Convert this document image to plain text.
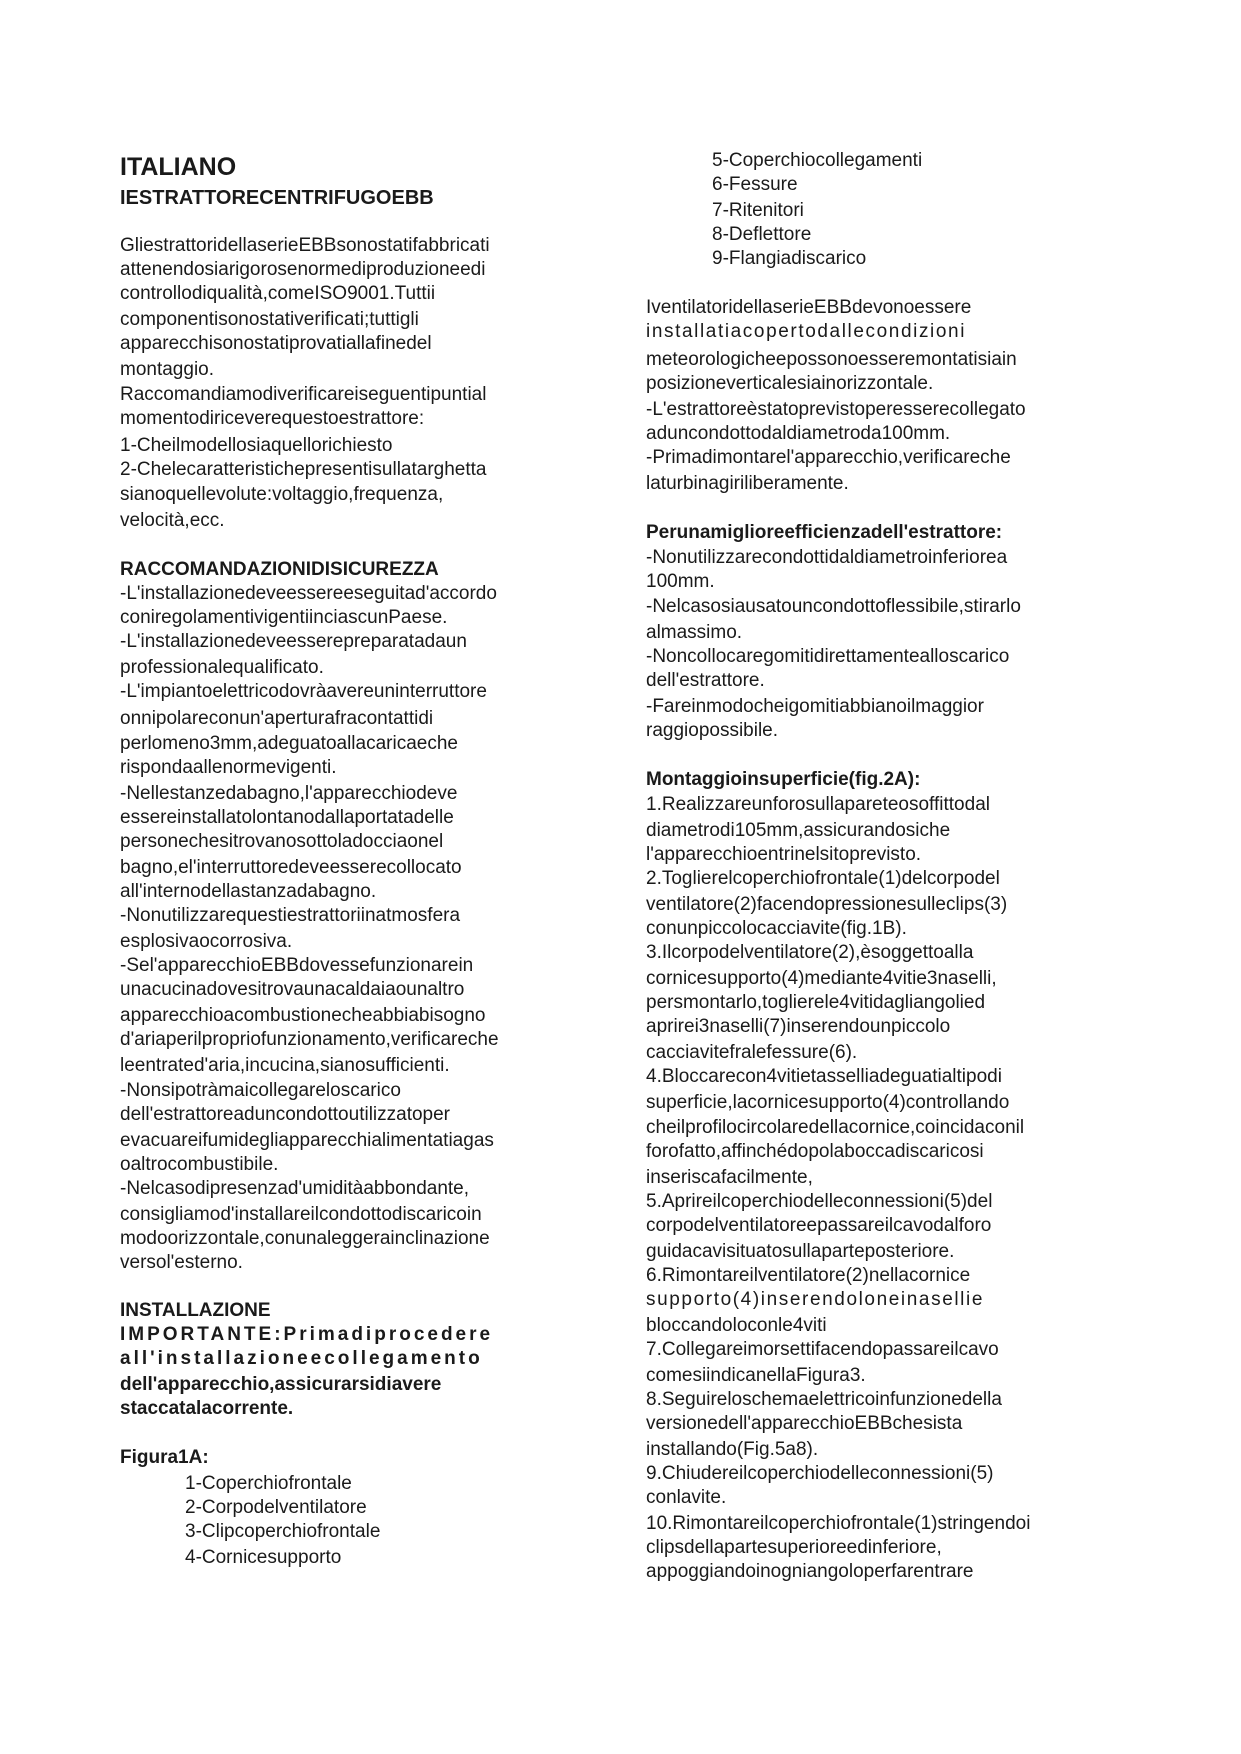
ITALIANO
IESTRATTORECENTRIFUGOEBB
GliestrattoridellaserieEBBsonostatifabbricati
attenendosiarigorosenormediproduzioneedi
controllodiqualità,comeISO9001.Tuttii
componentisonostativerificati;tuttigli
apparecchisonostatiprovatiallafinedel
montaggio.
Raccomandiamodiverificareiseguentipuntial
momentodiriceverequestoestrattore:
1-Cheilmodellosiaquellorichiesto
2-Chelecaratteristichepresentisullatarghetta
sianoquellevolute:voltaggio,frequenza,
velocità,ecc.
RACCOMANDAZIONIDISICUREZZA
-L'installazionedeveessereeseguitad'accordo
coniregolamentivigentiinciascunPaese.
-L'installazionedeveesserepreparatadaun
professionalequalificato.
-L'impiantoelettricodovràavereuninterruttore
onnipolareconun'aperturafracontattidi
perlomeno3mm,adeguatoallacaricaeche
rispondaallenormevigenti.
-Nellestanzedabagno,l'apparecchiodeve
essereinstallatolontanodallaportatadelle
personechesitrovanosottoladocciaonel
bagno,el'interruttoredeveesserecollocato
all'internodellastanzadabagno.
-Nonutilizzarequestiestrattoriinatmosfera
esplosivaocorrosiva.
-Sel'apparecchioEBBdovessefunzionarein
unacucinadovesitrovaunacaldaiaounaltro
apparecchioacombustionecheabbiabisogno
d'ariaperilpropriofunzionamento,verificareche
leentrated'aria,incucina,sianosufficienti.
-Nonsipotràmaicollegareloscarico
dell'estrattoreaduncondottoutilizzatoper
evacuareifumidegliapparecchialimentatiagas
oaltrocombustibile.
-Nelcasodipresenzad'umiditàabbondante,
consigliamod'installareilcondottodiscaricoin
modoorizzontale,conunaleggerainclinazione
versol'esterno.
INSTALLAZIONE
IMPORTANTE:Primadiprocedere
all'installazioneecollegamento
dell'apparecchio,assicurarsidiavere
staccatalacorrente.
Figura1A:
1-Coperchiofrontale
2-Corpodelventilatore
3-Clipcoperchiofrontale
4-Cornicesupporto
5-Coperchiocollegamenti
6-Fessure
7-Ritenitori
8-Deflettore
9-Flangiadiscarico
IventilatoridellaserieEBBdevonoessere
installatiacopertodallecondizioni
meteorologicheepossonoesseremontatisiain
posizioneverticalesiainorizzontale.
-L'estrattoreèstatoprevistoperesserecollegato
aduncondottodaldiametroda100mm.
-Primadimontarel'apparecchio,verificareche
laturbinagiriliberamente.
Perunamiglioreefficienzadell'estrattore:
-Nonutilizzarecondottidaldiametroinferiorea
100mm.
-Nelcasosiausatouncondottoflessibile,stirarlo
almassimo.
-Noncollocaregomitidirettamentealloscarico
dell'estrattore.
-Fareinmodocheigomitiabbianoilmaggior
raggiopossibile.
Montaggioinsuperficie(fig.2A):
1.Realizzareunforosullapareteosoffittodal
diametrodi105mm,assicurandosiche
l'apparecchioentrinelsitoprevisto.
2.Toglierelcoperchiofrontale(1)delcorpodel
ventilatore(2)facendopressionesulleclips(3)
conunpiccolocacciavite(fig.1B).
3.Ilcorpodelventilatore(2),èsoggettoalla
cornicesupporto(4)mediante4vitie3naselli,
persmontarlo,toglierele4vitidagliangolied
aprirei3naselli(7)inserendounpiccolo
cacciavitefralefessure(6).
4.Bloccarecon4vitietasselliadeguatialtipodi
superficie,lacornicesupporto(4)controllando
cheilprofilocircolaredellacornice,coincidaconil
forofatto,affinchédopolaboccadiscaricosi
inseriscafacilmente,
5.Aprireilcoperchiodelleconnessioni(5)del
corpodelventilatoreepassareilcavodalforo
guidacavisituatosullaparteposteriore.
6.Rimontareilventilatore(2)nellacornice
supporto(4)inserendoloneinasellie
bloccandoloconle4viti
7.Collegareimorsettifacendopassareilcavo
comesiindicanellaFigura3.
8.Seguireloschemaelettricoinfunzionedella
versionedell'apparecchioEBBchesista
installando(Fig.5a8).
9.Chiudereilcoperchiodelleconnessioni(5)
conlavite.
10.Rimontareilcoperchiofrontale(1)stringendoi
clipsdellapartesuperioreedinferiore,
appoggiandoinogniangoloperfarentrare
